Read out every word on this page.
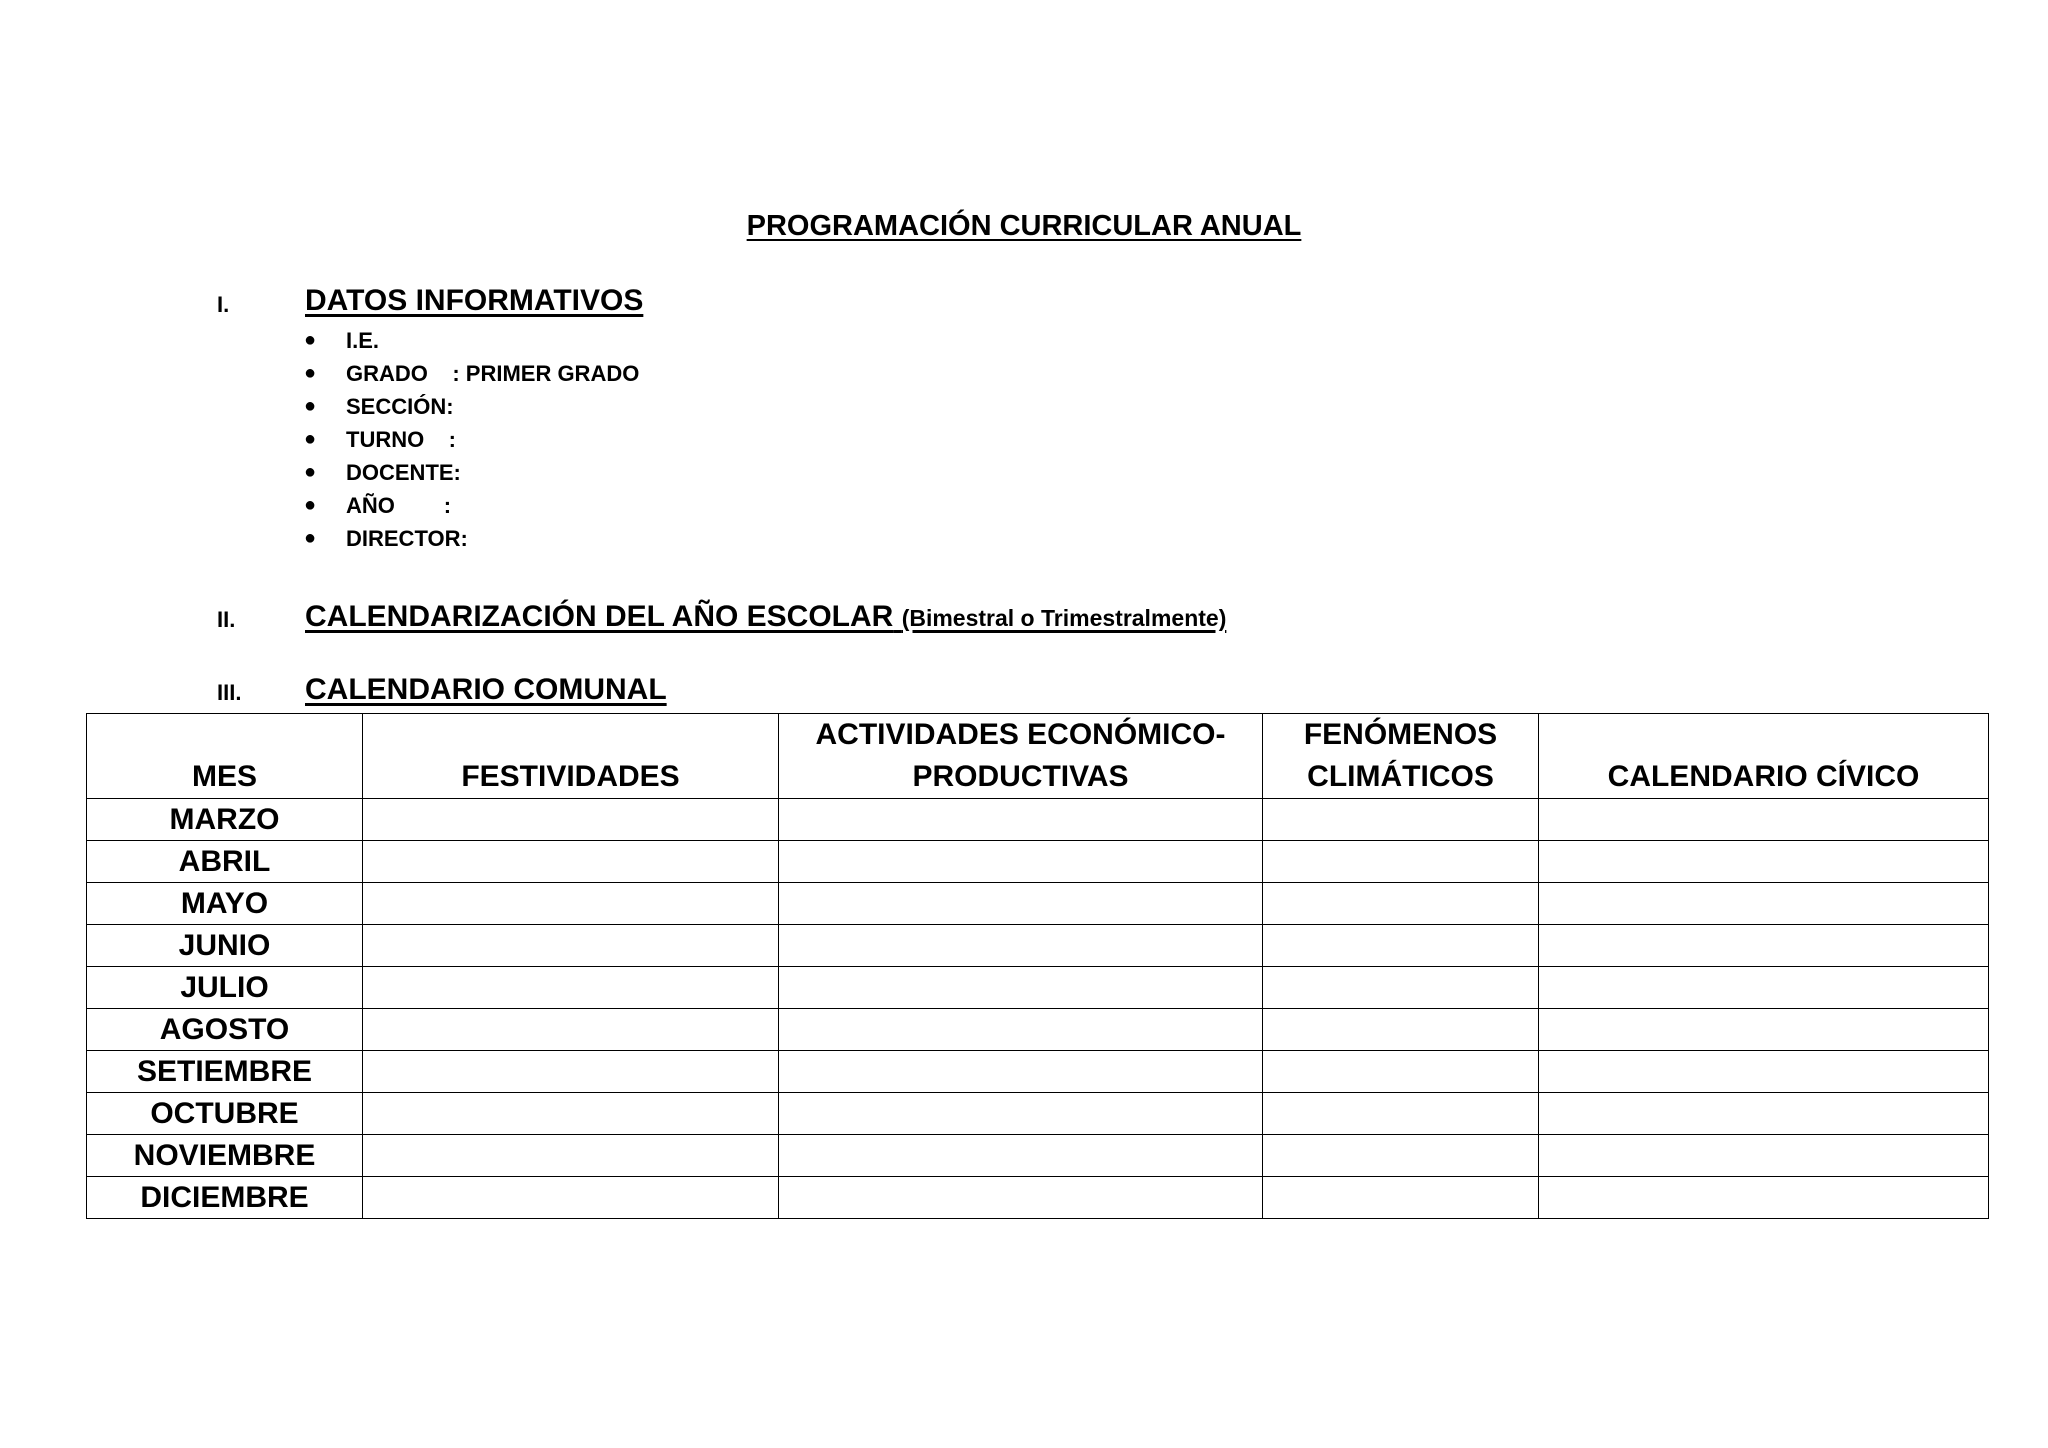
PROGRAMACIÓN CURRICULAR ANUAL
I.	DATOS INFORMATIVOS
● I.E.
● GRADO    : PRIMER GRADO
● SECCIÓN:
● TURNO    :
● DOCENTE:
● AÑO        :
● DIRECTOR:
II. CALENDARIZACIÓN DEL AÑO ESCOLAR (Bimestral o Trimestralmente)
III. CALENDARIO COMUNAL
MES	FESTIVIDADES	ACTIVIDADES ECONÓMICO-PRODUCTIVAS	FENÓMENOS CLIMÁTICOS	CALENDARIO CÍVICO
MARZO				
ABRIL				
MAYO				
JUNIO				
JULIO				
AGOSTO				
SETIEMBRE				
OCTUBRE				
NOVIEMBRE				
DICIEMBRE				
